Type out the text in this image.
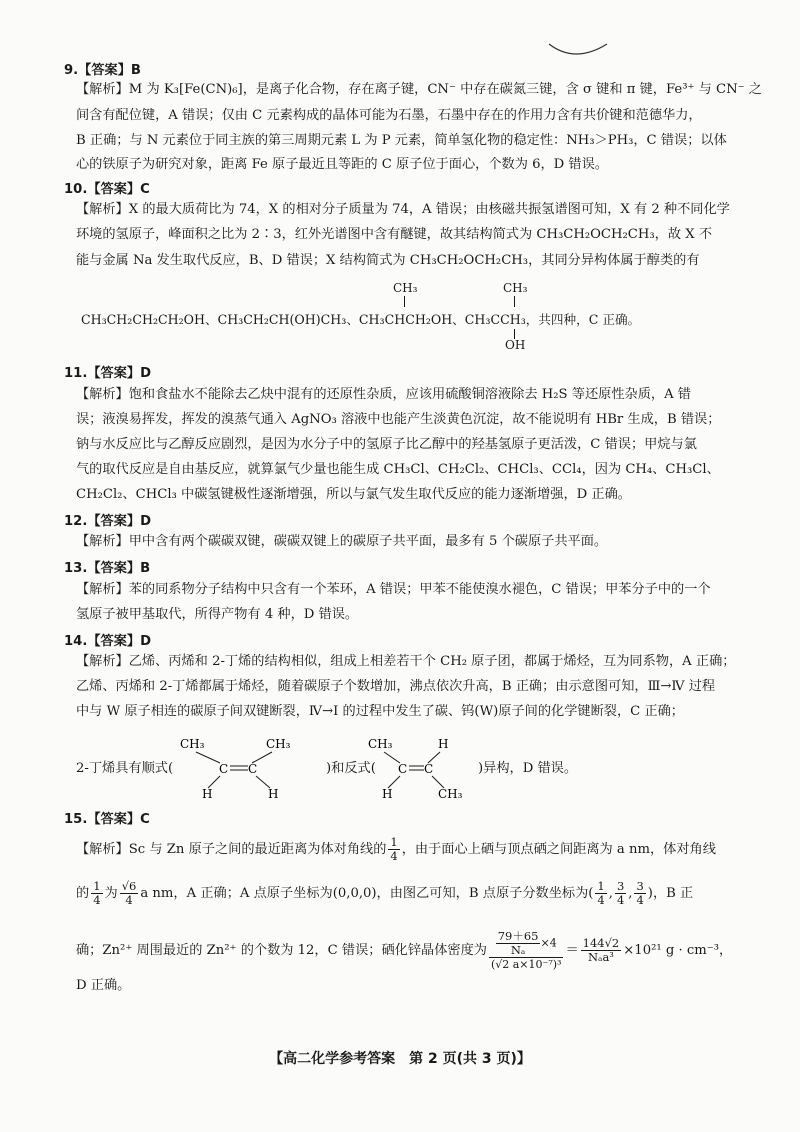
9.【答案】B
【解析】M 为 K₃[Fe(CN)₆]，是离子化合物，存在离子键，CN⁻ 中存在碳氮三键，含 σ 键和 π 键，Fe³⁺ 与 CN⁻ 之
间含有配位键，A 错误；仅由 C 元素构成的晶体可能为石墨，石墨中存在的作用力含有共价键和范德华力，
B 正确；与 N 元素位于同主族的第三周期元素 L 为 P 元素，简单氢化物的稳定性：NH₃＞PH₃，C 错误；以体
心的铁原子为研究对象，距离 Fe 原子最近且等距的 C 原子位于面心，个数为 6，D 错误。
10.【答案】C
【解析】X 的最大质荷比为 74，X 的相对分子质量为 74，A 错误；由核磁共振氢谱图可知，X 有 2 种不同化学
环境的氢原子，峰面积之比为 2∶3，红外光谱图中含有醚键，故其结构简式为 CH₃CH₂OCH₂CH₃，故 X 不
能与金属 Na 发生取代反应，B、D 错误；X 结构简式为 CH₃CH₂OCH₂CH₃，其同分异构体属于醇类的有
CH₃	CH₃
CH₃CH₂CH₂CH₂OH、CH₃CH₂CH(OH)CH₃、CH₃CHCH₂OH、CH₃CCH₃，共四种，C 正确。
OH
11.【答案】D
【解析】饱和食盐水不能除去乙炔中混有的还原性杂质，应该用硫酸铜溶液除去 H₂S 等还原性杂质，A 错
误；液溴易挥发，挥发的溴蒸气通入 AgNO₃ 溶液中也能产生淡黄色沉淀，故不能说明有 HBr 生成，B 错误；
钠与水反应比与乙醇反应剧烈，是因为水分子中的氢原子比乙醇中的羟基氢原子更活泼，C 错误；甲烷与氯
气的取代反应是自由基反应，就算氯气少量也能生成 CH₃Cl、CH₂Cl₂、CHCl₃、CCl₄，因为 CH₄、CH₃Cl、
CH₂Cl₂、CHCl₃ 中碳氢键极性逐渐增强，所以与氯气发生取代反应的能力逐渐增强，D 正确。
12.【答案】D
【解析】甲中含有两个碳碳双键，碳碳双键上的碳原子共平面，最多有 5 个碳原子共平面。
13.【答案】B
【解析】苯的同系物分子结构中只含有一个苯环，A 错误；甲苯不能使溴水褪色，C 错误；甲苯分子中的一个
氢原子被甲基取代，所得产物有 4 种，D 错误。
14.【答案】D
【解析】乙烯、丙烯和 2-丁烯的结构相似，组成上相差若干个 CH₂ 原子团，都属于烯烃，互为同系物，A 正确；
乙烯、丙烯和 2-丁烯都属于烯烃，随着碳原子个数增加，沸点依次升高，B 正确；由示意图可知，Ⅲ→Ⅳ 过程
中与 W 原子相连的碳原子间双键断裂，Ⅳ→Ⅰ 的过程中发生了碳、钨(W)原子间的化学键断裂，C 正确；
2-丁烯具有顺式(
CH₃	CH₃
C C
H	H
)和反式(
CH₃	H
C C
H	CH₃
)异构，D 错误。
15.【答案】C
【解析】Sc 与 Zn 原子之间的最近距离为体对角线的 $\frac{1}{4}$ ，由于面心上硒与顶点硒之间距离为 a nm，体对角线
的 $\frac{1}{4}$ 为 $\frac{√6}{4}$ a nm，A 正确；A 点原子坐标为(0,0,0)，由图乙可知，B 点原子分数坐标为( $\frac{1}{4}$ , $\frac{3}{4}$ , $\frac{3}{4}$ )，B 正
确；Zn²⁺ 周围最近的 Zn²⁺ 的个数为 12，C 错误；硒化锌晶体密度为 $\frac{\frac{79+65}{\text{Nₐ}} \times 4}{\text{(√2 a×10⁻⁷)³}} = \frac{144√2}{\text{Nₐa³}} \times 10^{21}$ g · cm⁻³，
D 正确。
【高二化学参考答案　第 2 页(共 3 页)】
